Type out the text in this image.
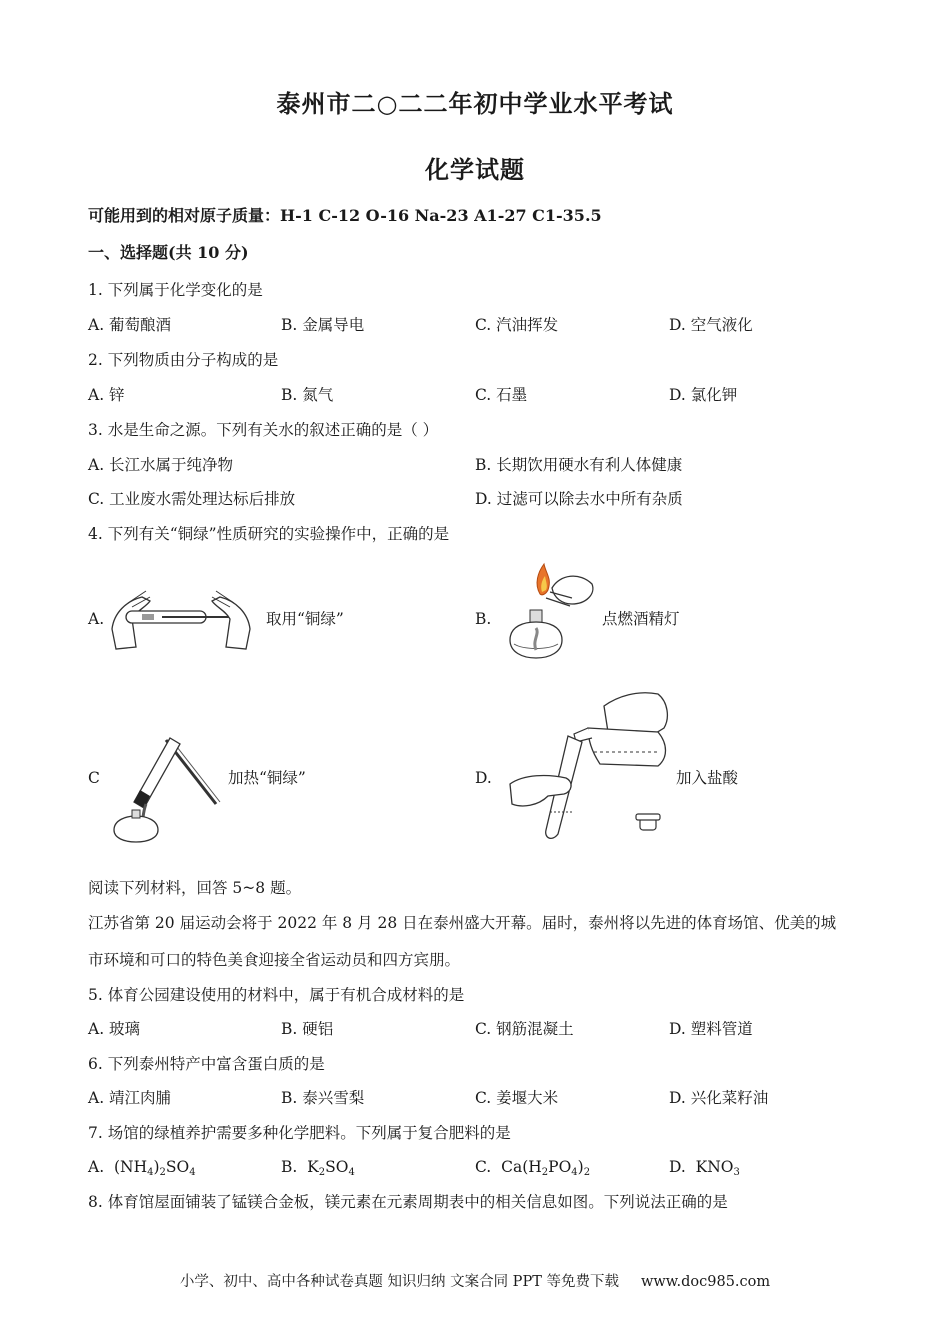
泰州市二○二二年初中学业水平考试
化学试题
可能用到的相对原子质量：H-1 C-12 O-16 Na-23 A1-27 C1-35.5
一、选择题(共 10 分)
1. 下列属于化学变化的是
A. 葡萄酿酒	B. 金属导电	C. 汽油挥发	D. 空气液化
2. 下列物质由分子构成的是
A. 锌	B. 氮气	C. 石墨	D. 氯化钾
3. 水是生命之源。下列有关水的叙述正确的是（ ）
A. 长江水属于纯净物	B. 长期饮用硬水有利人体健康
C. 工业废水需处理达标后排放	D. 过滤可以除去水中所有杂质
4. 下列有关“铜绿”性质研究的实验操作中，正确的是
A.	取用“铜绿”	B.	点燃酒精灯
C	加热“铜绿”	D.	加入盐酸
阅读下列材料，回答 5~8 题。
江苏省第 20 届运动会将于 2022 年 8 月 28 日在泰州盛大开幕。届时，泰州将以先进的体育场馆、优美的城
市环境和可口的特色美食迎接全省运动员和四方宾朋。
5. 体育公园建设使用的材料中，属于有机合成材料的是
A. 玻璃	B. 硬铝	C. 钢筋混凝土	D. 塑料管道
6. 下列泰州特产中富含蛋白质的是
A. 靖江肉脯	B. 泰兴雪梨	C. 姜堰大米	D. 兴化菜籽油
7. 场馆的绿植养护需要多种化学肥料。下列属于复合肥料的是
A.  $(NH_4)_2SO_4$	B.  $K_2SO_4$	C.  $Ca(H_2PO_4)_2$	D.  $KNO_3$
8. 体育馆屋面铺装了锰镁合金板，镁元素在元素周期表中的相关信息如图。下列说法正确的是
小学、初中、高中各种试卷真题 知识归纳 文案合同 PPT 等免费下载 www.doc985.com
